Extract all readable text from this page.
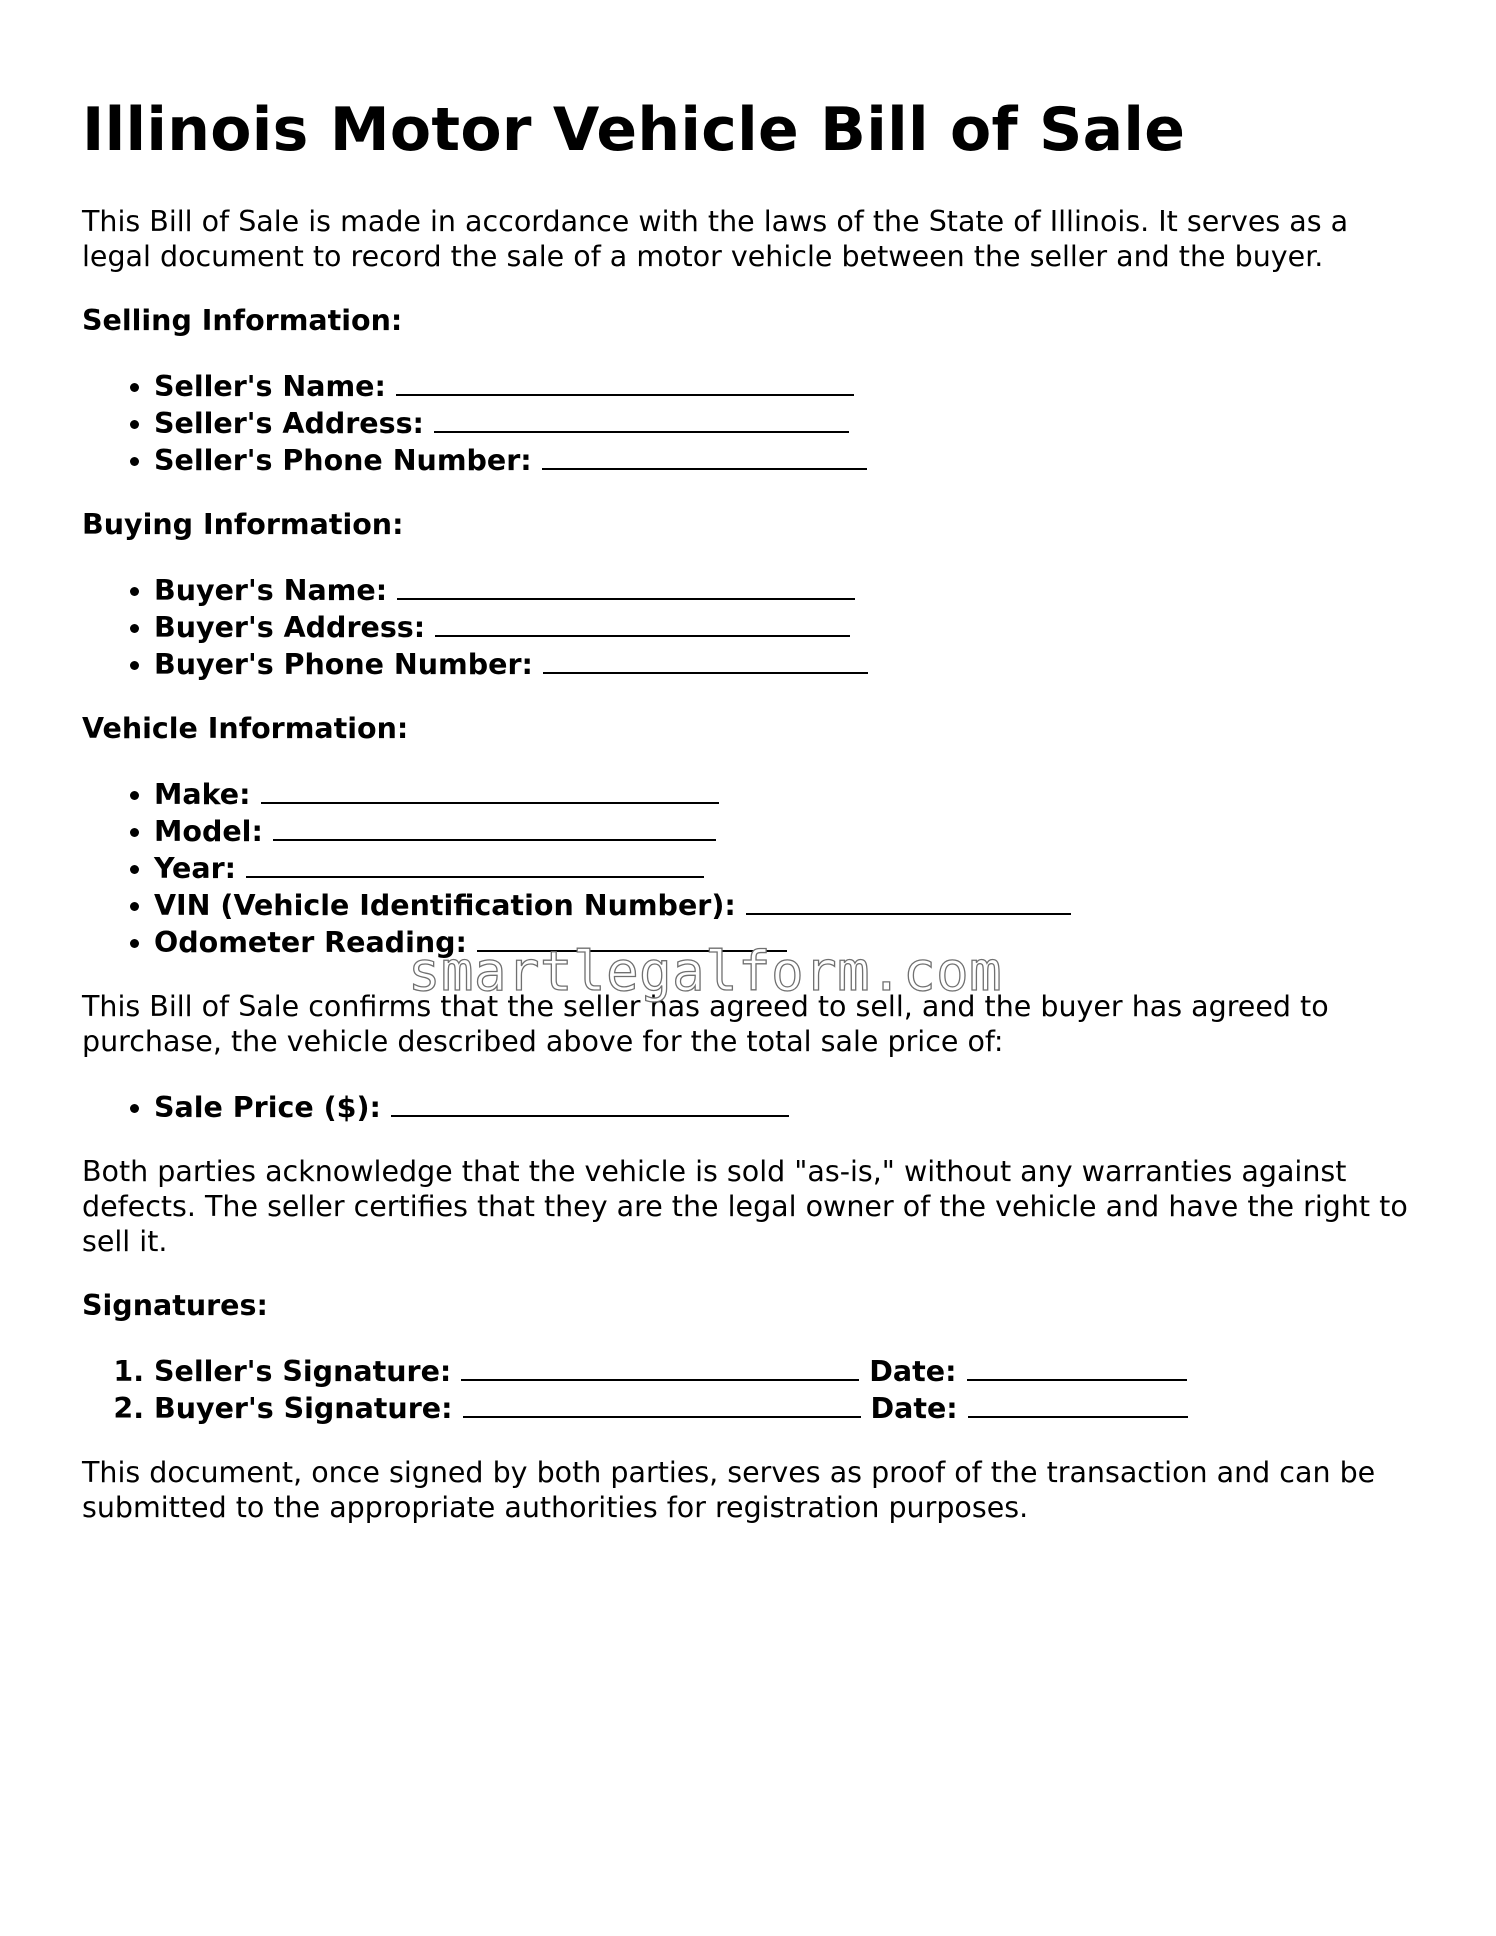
Illinois Motor Vehicle Bill of Sale

This Bill of Sale is made in accordance with the laws of the State of Illinois. It serves as a legal document to record the sale of a motor vehicle between the seller and the buyer.

Selling Information:
• Seller's Name:
• Seller's Address:
• Seller's Phone Number:
Buying Information:
• Buyer's Name:
• Buyer's Address:
• Buyer's Phone Number:
Vehicle Information:
• Make:
• Model:
• Year:
• VIN (Vehicle Identification Number):
• Odometer Reading:

This Bill of Sale confirms that the seller has agreed to sell, and the buyer has agreed to purchase, the vehicle described above for the total sale price of:

• Sale Price ($):

Both parties acknowledge that the vehicle is sold "as-is," without any warranties against defects. The seller certifies that they are the legal owner of the vehicle and have the right to sell it.

Signatures:
1. Seller's Signature:	Date:
2. Buyer's Signature:	Date:

This document, once signed by both parties, serves as proof of the transaction and can be submitted to the appropriate authorities for registration purposes.

smartlegalform.com
